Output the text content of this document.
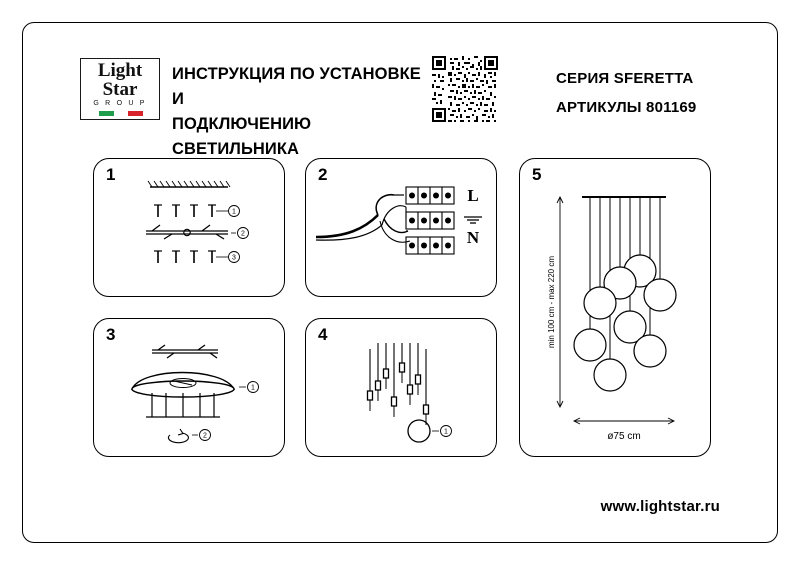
Light
Star
G R O U P
ИНСТРУКЦИЯ ПО УСТАНОВКЕ И
ПОДКЛЮЧЕНИЮ СВЕТИЛЬНИКА
СЕРИЯ SFERETTA
АРТИКУЛЫ 801169
1
1
2
3
2
L
N
3
1
2
4
1
5
min 100 cm - max 220 cm
ø75 cm
www.lightstar.ru
